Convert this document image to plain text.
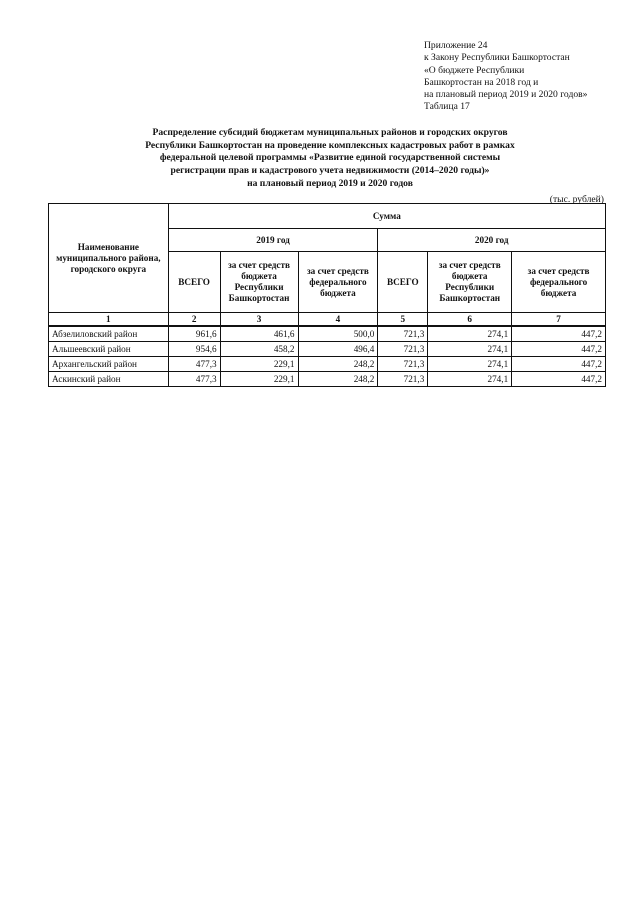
Приложение 24
к Закону Республики Башкортостан
«О бюджете Республики
Башкортостан на 2018 год и
на плановый период 2019 и 2020 годов»
Таблица 17
Распределение субсидий бюджетам муниципальных районов и городских округов
Республики Башкортостан на проведение комплексных кадастровых работ в рамках
федеральной целевой программы «Развитие единой государственной системы
регистрации прав и кадастрового учета недвижимости (2014–2020 годы)»
на плановый период 2019 и 2020 годов
(тыс. рублей)
Наименование муниципального района, городского округа	Сумма					
	2019 год			2020 год		
	ВСЕГО	за счет средств бюджета Республики Башкортостан	за счет средств федерального бюджета	ВСЕГО	за счет средств бюджета Республики Башкортостан	за счет средств федерального бюджета
1	2	3	4	5	6	7
Абзелиловский район	961,6	461,6	500,0	721,3	274,1	447,2
Альшеевский район	954,6	458,2	496,4	721,3	274,1	447,2
Архангельский район	477,3	229,1	248,2	721,3	274,1	447,2
Аскинский район	477,3	229,1	248,2	721,3	274,1	447,2
